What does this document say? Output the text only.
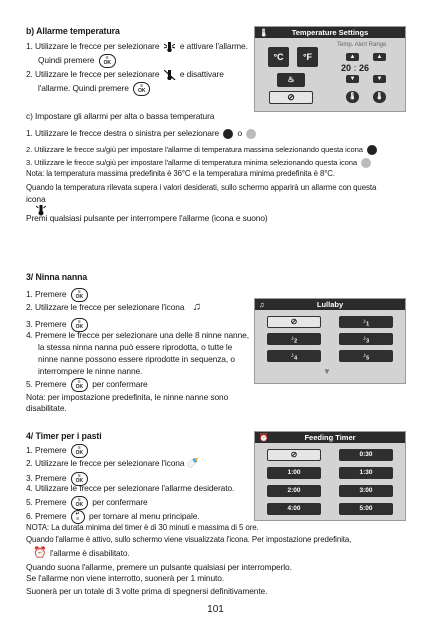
b) Allarme temperatura
1. Utilizzare le frecce per selezionare e attivare l'allarme.
Quindi premere	≡
OK
2. Utilizzare le frecce per selezionare e disattivare
l'allarme. Quindi premere	≡
OK
🌡	Temperature Settings
°C	°F
Temp. Alert Range
▲	▲
20 : 26
▼	▼
♨
⊘	🌡	🌡
c) Impostare gli allarmi per alta o bassa temperatura
1. Utilizzare le frecce destra o sinistra per selezionare o
2. Utilizzare le frecce su/giù per impostare l'allarme di temperatura massima selezionando questa icona
3. Utilizzare le frecce su/giù per impostare l'allarme di temperatura minima selezionando questa icona
Nota: la temperatura massima predefinita è 36°C e la temperatura minima predefinita è 8°C.
Quando la temperatura rilevata supera i valori desiderati, sullo schermo apparirà un allarme con questa
icona
Premi qualsiasi pulsante per interrompere l'allarme (icona e suono)
3/ Ninna nanna
1. Premere	≡
OK
2. Utilizzare le frecce per selezionare l'icona ♫
3. Premere	≡
OK
4. Premere le frecce per selezionare una delle 8 ninne nanne,
la stessa ninna nanna può essere riprodotta, o tutte le
ninne nanne possono essere riprodotte in sequenza, o
interrompere le ninne nanne.
5. Premere	≡
OK per confermare
Nota: per impostazione predefinita, le ninne nanne sono
disabilitate.
♫	Lullaby
⊘	$♪_1$
$♪_2$	$♪_3$
$♪_4$	$♪_5$
▼
4/ Timer per i pasti
1. Premere	≡
OK
2. Utilizzare le frecce per selezionare l'icona 🍼
3. Premere	≡
OK
4. Utilizzare le frecce per selezionare l'allarme desiderato.
5. Premere	≡
OK per confermare
6. Premere ↵
≡ per tornare al menu principale.
NOTA: La durata minima del timer è di 30 minuti e massima di 5 ore.
Quando l'allarme è attivo, sullo schermo viene visualizzata l'icona. Per impostazione predefinita,
⏰ l'allarme è disabilitato.
Quando suona l'allarme, premere un pulsante qualsiasi per interromperlo.
Se l'allarme non viene interrotto, suonerà per 1 minuto.
Suonerà per un totale di 3 volte prima di spegnersi definitivamente.
⏰	Feeding Timer
⊘	0:30
1:00	1:30
2:00	3:00
4:00	5:00
101
